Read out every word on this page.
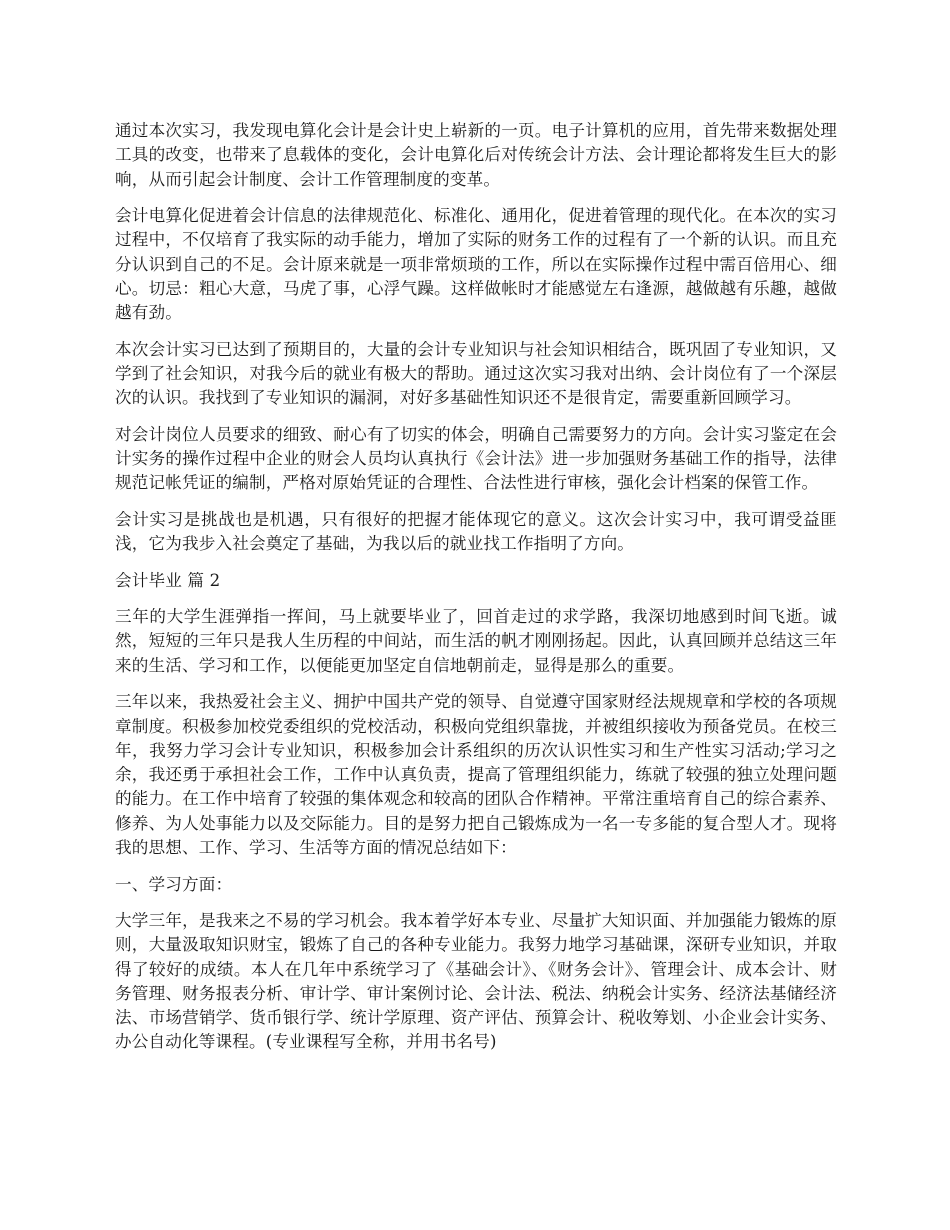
通过本次实习，我发现电算化会计是会计史上崭新的一页。电子计算机的应用，首先带来数据处理工具的改变，也带来了息载体的变化，会计电算化后对传统会计方法、会计理论都将发生巨大的影响，从而引起会计制度、会计工作管理制度的变革。

会计电算化促进着会计信息的法律规范化、标准化、通用化，促进着管理的现代化。在本次的实习过程中，不仅培育了我实际的动手能力，增加了实际的财务工作的过程有了一个新的认识。而且充分认识到自己的不足。会计原来就是一项非常烦琐的工作，所以在实际操作过程中需百倍用心、细心。切忌：粗心大意，马虎了事，心浮气躁。这样做帐时才能感觉左右逢源，越做越有乐趣，越做越有劲。

本次会计实习已达到了预期目的，大量的会计专业知识与社会知识相结合，既巩固了专业知识，又学到了社会知识，对我今后的就业有极大的帮助。通过这次实习我对出纳、会计岗位有了一个深层次的认识。我找到了专业知识的漏洞，对好多基础性知识还不是很肯定，需要重新回顾学习。

对会计岗位人员要求的细致、耐心有了切实的体会，明确自己需要努力的方向。会计实习鉴定在会计实务的操作过程中企业的财会人员均认真执行《会计法》进一步加强财务基础工作的指导，法律规范记帐凭证的编制，严格对原始凭证的合理性、合法性进行审核，强化会计档案的保管工作。

会计实习是挑战也是机遇，只有很好的把握才能体现它的意义。这次会计实习中，我可谓受益匪浅，它为我步入社会奠定了基础，为我以后的就业找工作指明了方向。

会计毕业 篇 2

三年的大学生涯弹指一挥间，马上就要毕业了，回首走过的求学路，我深切地感到时间飞逝。诚然，短短的三年只是我人生历程的中间站，而生活的帆才刚刚扬起。因此，认真回顾并总结这三年来的生活、学习和工作，以便能更加坚定自信地朝前走，显得是那么的重要。

三年以来，我热爱社会主义、拥护中国共产党的领导、自觉遵守国家财经法规规章和学校的各项规章制度。积极参加校党委组织的党校活动，积极向党组织靠拢，并被组织接收为预备党员。在校三年，我努力学习会计专业知识，积极参加会计系组织的历次认识性实习和生产性实习活动;学习之余，我还勇于承担社会工作，工作中认真负责，提高了管理组织能力，练就了较强的独立处理问题的能力。在工作中培育了较强的集体观念和较高的团队合作精神。平常注重培育自己的综合素养、修养、为人处事能力以及交际能力。目的是努力把自己锻炼成为一名一专多能的复合型人才。现将我的思想、工作、学习、生活等方面的情况总结如下：

一、学习方面：

大学三年，是我来之不易的学习机会。我本着学好本专业、尽量扩大知识面、并加强能力锻炼的原则，大量汲取知识财宝，锻炼了自己的各种专业能力。我努力地学习基础课，深研专业知识，并取得了较好的成绩。本人在几年中系统学习了《基础会计》、《财务会计》、管理会计、成本会计、财务管理、财务报表分析、审计学、审计案例讨论、会计法、税法、纳税会计实务、经济法基储经济法、市场营销学、货币银行学、统计学原理、资产评估、预算会计、税收筹划、小企业会计实务、办公自动化等课程。(专业课程写全称，并用书名号)
